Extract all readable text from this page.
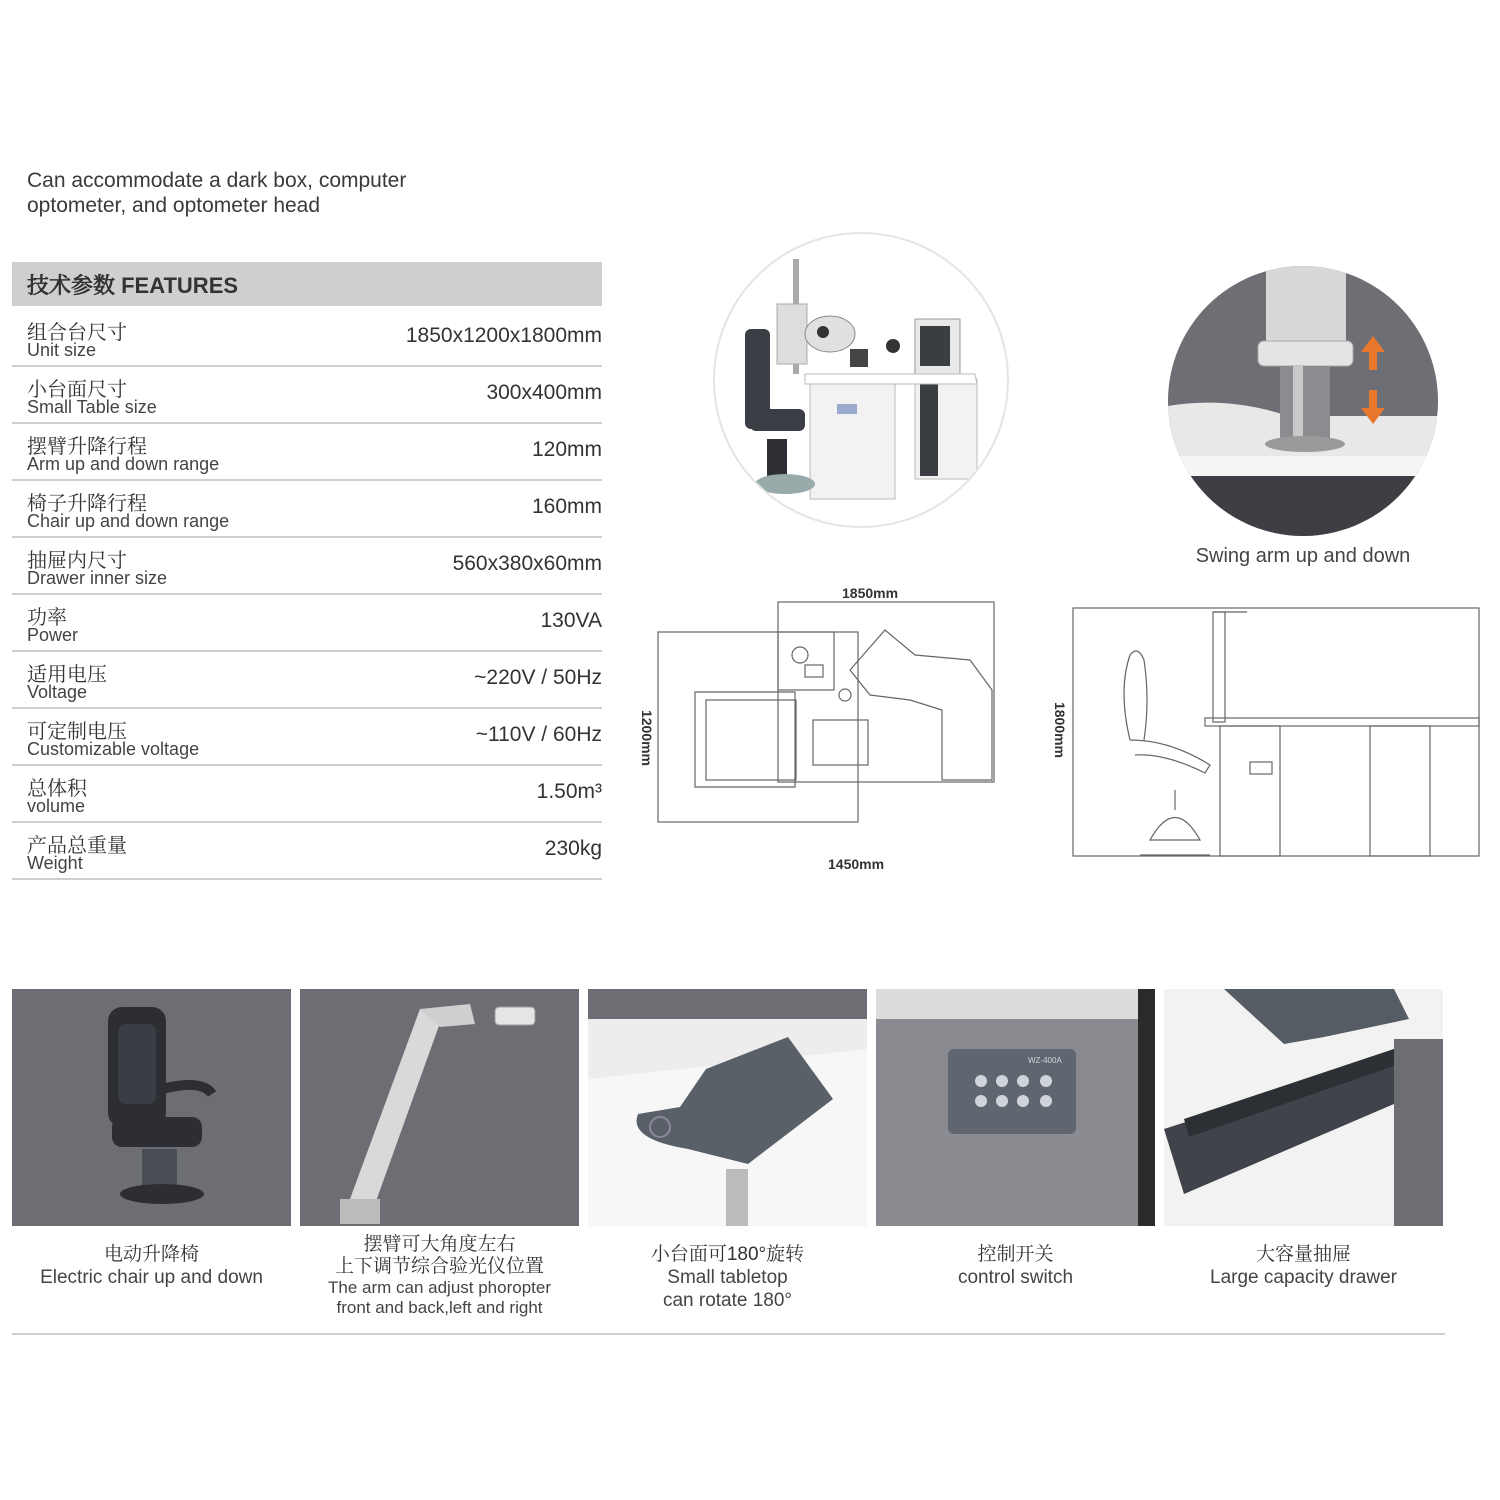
Can accommodate a dark box, computer
optometer, and optometer head
技术参数 FEATURES
组合台尺寸
Unit size
1850x1200x1800mm
小台面尺寸
Small Table size
300x400mm
摆臂升降行程
Arm up and down range
120mm
椅子升降行程
Chair up and down range
160mm
抽屉内尺寸
Drawer inner size
560x380x60mm
功率
Power
130VA
适用电压
Voltage
~220V / 50Hz
可定制电压
Customizable voltage
~110V / 60Hz
总体积
volume
1.50m³
产品总重量
Weight
230kg
Swing arm up and down
1850mm
1200mm
1450mm
1800mm
WZ-400A
电动升降椅
Electric chair up and down
摆臂可大角度左右
上下调节综合验光仪位置
The arm can adjust phoropter
front and back,left and right
小台面可180°旋转
Small tabletop
can rotate 180°
控制开关
control switch
大容量抽屉
Large capacity drawer
